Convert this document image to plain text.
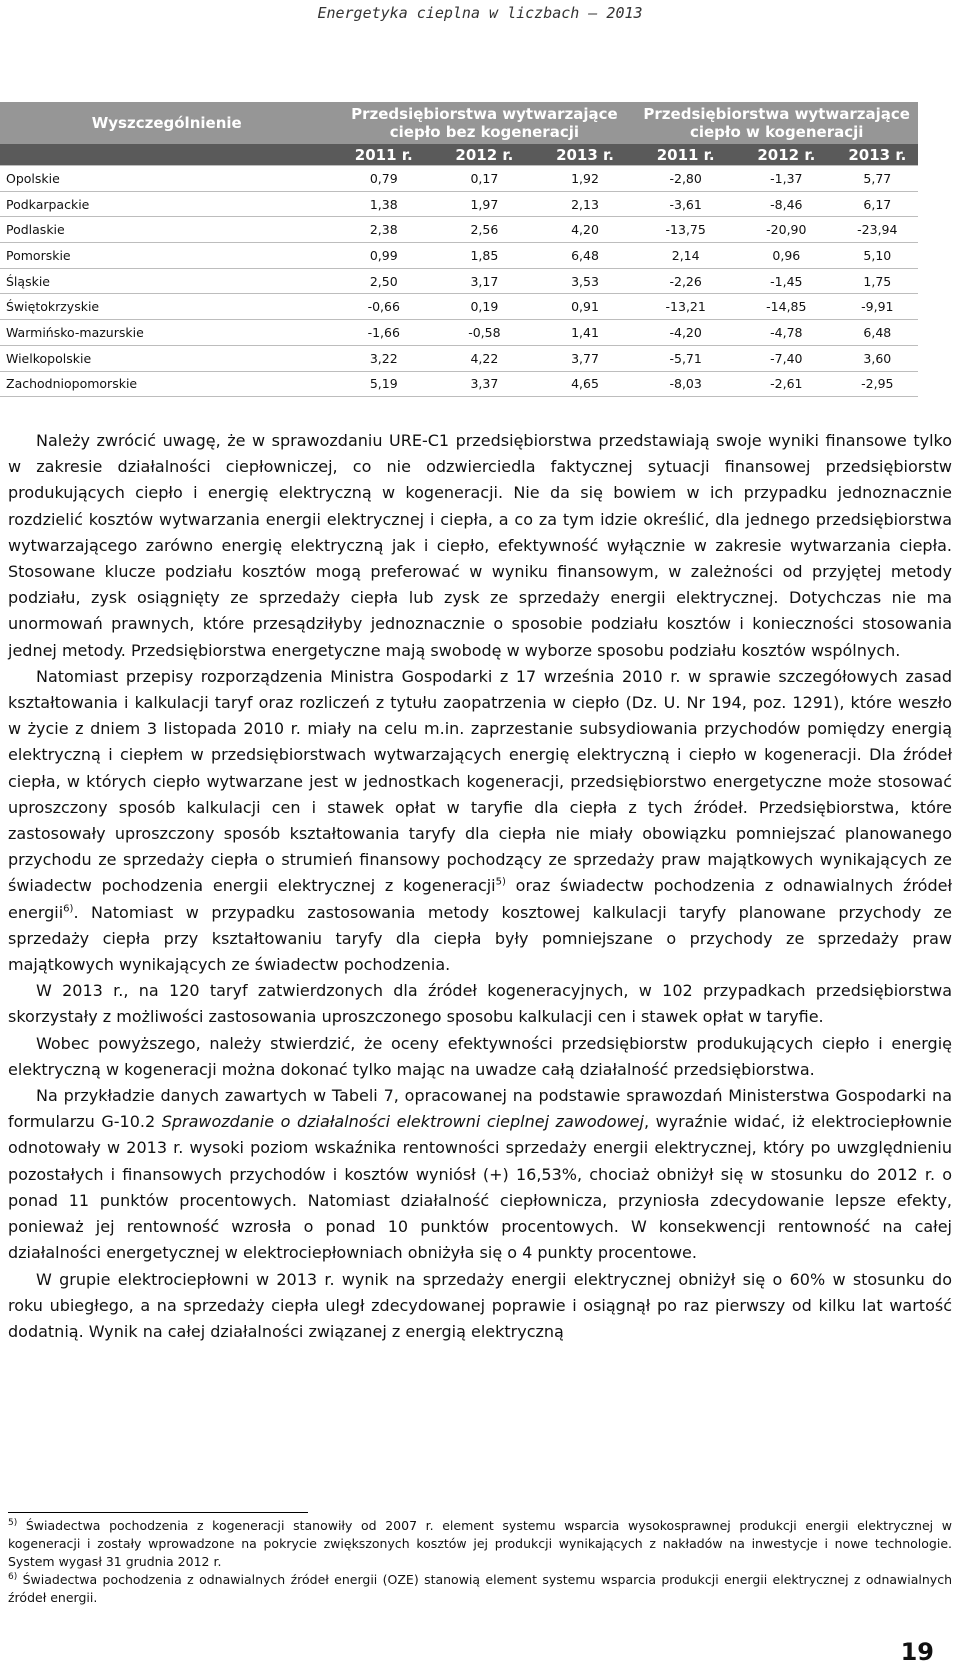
Energetyka cieplna w liczbach – 2013
Wyszczególnienie	Przedsiębiorstwa wytwarzające
ciepło bez kogeneracji			Przedsiębiorstwa wytwarzające
ciepło w kogeneracji		
	2011 r.	2012 r.	2013 r.	2011 r.	2012 r.	2013 r.
Opolskie	0,79	0,17	1,92	-2,80	-1,37	5,77
Podkarpackie	1,38	1,97	2,13	-3,61	-8,46	6,17
Podlaskie	2,38	2,56	4,20	-13,75	-20,90	-23,94
Pomorskie	0,99	1,85	6,48	2,14	0,96	5,10
Śląskie	2,50	3,17	3,53	-2,26	-1,45	1,75
Świętokrzyskie	-0,66	0,19	0,91	-13,21	-14,85	-9,91
Warmińsko-mazurskie	-1,66	-0,58	1,41	-4,20	-4,78	6,48
Wielkopolskie	3,22	4,22	3,77	-5,71	-7,40	3,60
Zachodniopomorskie	5,19	3,37	4,65	-8,03	-2,61	-2,95

Należy zwrócić uwagę, że w sprawozdaniu URE-C1 przedsiębiorstwa przedstawiają swoje wyniki finansowe tylko w zakresie działalności ciepłowniczej, co nie odzwierciedla faktycznej sytuacji finansowej przedsiębiorstw produkujących ciepło i energię elektryczną w kogeneracji. Nie da się bowiem w ich przypadku jednoznacznie rozdzielić kosztów wytwarzania energii elektrycznej i ciepła, a co za tym idzie określić, dla jednego przedsiębiorstwa wytwarzającego zarówno energię elektryczną jak i ciepło, efektywność wyłącznie w zakresie wytwarzania ciepła. Stosowane klucze podziału kosztów mogą preferować w wyniku finansowym, w zależności od przyjętej metody podziału, zysk osiągnięty ze sprzedaży ciepła lub zysk ze sprzedaży energii elektrycznej. Dotychczas nie ma unormowań prawnych, które przesądziłyby jednoznacznie o sposobie podziału kosztów i konieczności stosowania jednej metody. Przedsiębiorstwa energetyczne mają swobodę w wyborze sposobu podziału kosztów wspólnych.

Natomiast przepisy rozporządzenia Ministra Gospodarki z 17 września 2010 r. w sprawie szczegółowych zasad kształtowania i kalkulacji taryf oraz rozliczeń z tytułu zaopatrzenia w ciepło (Dz. U. Nr 194, poz. 1291), które weszło w życie z dniem 3 listopada 2010 r. miały na celu m.in. zaprzestanie subsydiowania przychodów pomiędzy energią elektryczną i ciepłem w przedsiębiorstwach wytwarzających energię elektryczną i ciepło w kogeneracji. Dla źródeł ciepła, w których ciepło wytwarzane jest w jednostkach kogeneracji, przedsiębiorstwo energetyczne może stosować uproszczony sposób kalkulacji cen i stawek opłat w taryfie dla ciepła z tych źródeł. Przedsiębiorstwa, które zastosowały uproszczony sposób kształtowania taryfy dla ciepła nie miały obowiązku pomniejszać planowanego przychodu ze sprzedaży ciepła o strumień finansowy pochodzący ze sprzedaży praw majątkowych wynikających ze świadectw pochodzenia energii elektrycznej z kogeneracji$^{5)}$ oraz świadectw pochodzenia z odnawialnych źródeł energii$^{6)}$. Natomiast w przypadku zastosowania metody kosztowej kalkulacji taryfy planowane przychody ze sprzedaży ciepła przy kształtowaniu taryfy dla ciepła były pomniejszane o przychody ze sprzedaży praw majątkowych wynikających ze świadectw pochodzenia.

W 2013 r., na 120 taryf zatwierdzonych dla źródeł kogeneracyjnych, w 102 przypadkach przedsiębiorstwa skorzystały z możliwości zastosowania uproszczonego sposobu kalkulacji cen i stawek opłat w taryfie.

Wobec powyższego, należy stwierdzić, że oceny efektywności przedsiębiorstw produkujących ciepło i energię elektryczną w kogeneracji można dokonać tylko mając na uwadze całą działalność przedsiębiorstwa.

Na przykładzie danych zawartych w Tabeli 7, opracowanej na podstawie sprawozdań Ministerstwa Gospodarki na formularzu G-10.2 Sprawozdanie o działalności elektrowni cieplnej zawodowej, wyraźnie widać, iż elektrociepłownie odnotowały w 2013 r. wysoki poziom wskaźnika rentowności sprzedaży energii elektrycznej, który po uwzględnieniu pozostałych i finansowych przychodów i kosztów wyniósł (+) 16,53%, chociaż obniżył się w stosunku do 2012 r. o ponad 11 punktów procentowych. Natomiast działalność ciepłownicza, przyniosła zdecydowanie lepsze efekty, ponieważ jej rentowność wzrosła o ponad 10 punktów procentowych. W konsekwencji rentowność na całej działalności energetycznej w elektrociepłowniach obniżyła się o 4 punkty procentowe.

W grupie elektrociepłowni w 2013 r. wynik na sprzedaży energii elektrycznej obniżył się o 60% w stosunku do roku ubiegłego, a na sprzedaży ciepła uległ zdecydowanej poprawie i osiągnął po raz pierwszy od kilku lat wartość dodatnią. Wynik na całej działalności związanej z energią elektryczną

$^{5)}$ Świadectwa pochodzenia z kogeneracji stanowiły od 2007 r. element systemu wsparcia wysokosprawnej produkcji energii elektrycznej w kogeneracji i zostały wprowadzone na pokrycie zwiększonych kosztów jej produkcji wynikających z nakładów na inwestycje i nowe technologie. System wygasł 31 grudnia 2012 r.

$^{6)}$ Świadectwa pochodzenia z odnawialnych źródeł energii (OZE) stanowią element systemu wsparcia produkcji energii elektrycznej z odnawialnych źródeł energii.

19
